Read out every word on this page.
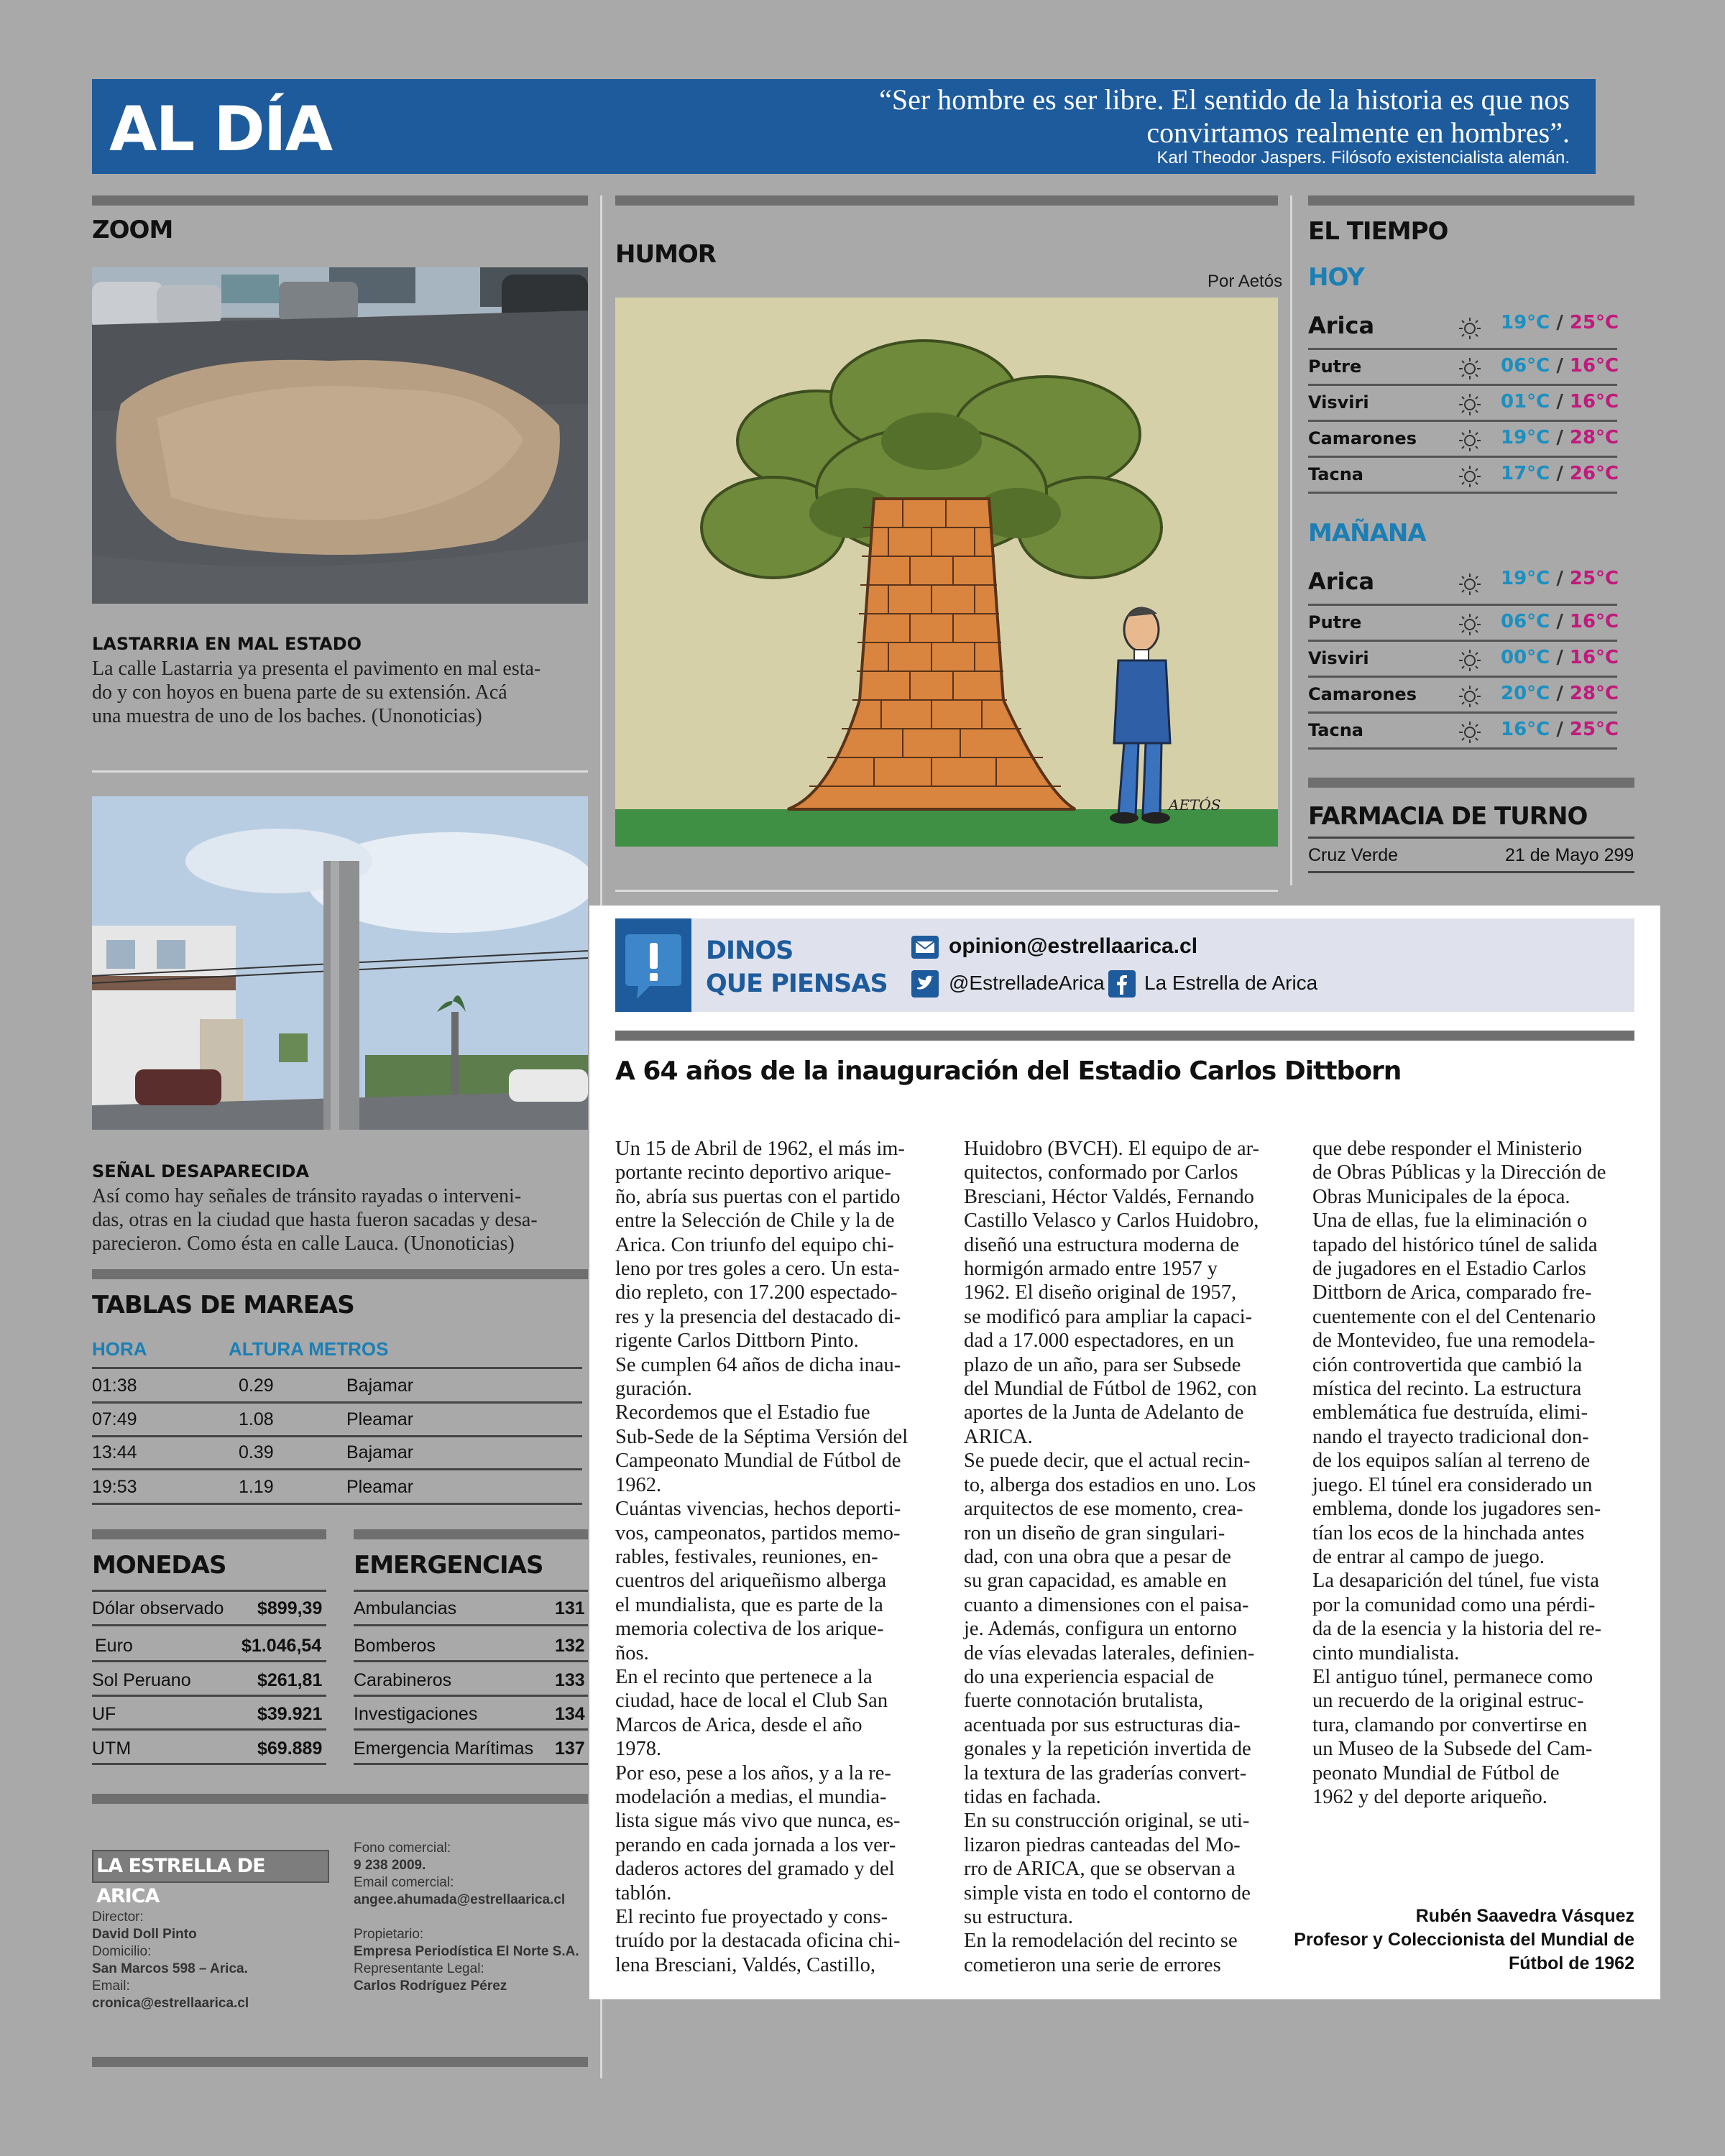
AL DÍA	“Ser hombre es ser libre. El sentido de la historia es que nos
convirtamos realmente en hombres”.
Karl Theodor Jaspers. Filósofo existencialista alemán.
ZOOM
LASTARRIA EN MAL ESTADO
La calle Lastarria ya presenta el pavimento en mal esta-
do y con hoyos en buena parte de su extensión. Acá
una muestra de uno de los baches. (Unonoticias)
SEÑAL DESAPARECIDA
Así como hay señales de tránsito rayadas o interveni-
das, otras en la ciudad que hasta fueron sacadas y desa-
parecieron. Como ésta en calle Lauca. (Unonoticias)
TABLAS DE MAREAS
HORA	ALTURA METROS
01:38	0.29	Bajamar
07:49	1.08	Pleamar
13:44	0.39	Bajamar
19:53	1.19	Pleamar
MONEDAS
Dólar observado $899,39
Euro	$1.046,54
Sol Peruano	$261,81
UF	$39.921
UTM	$69.889
EMERGENCIAS
Ambulancias	131
Bomberos	132
Carabineros	133
Investigaciones	134
Emergencia Marítimas 137
LA ESTRELLA DE ARICA
Director:
David Doll Pinto
Domicilio:
San Marcos 598 – Arica.
Email:
cronica@estrellaarica.cl
Fono comercial:
9 238 2009.
Email comercial:
angee.ahumada@estrellaarica.cl
Propietario:
Empresa Periodística El Norte S.A.
Representante Legal:
Carlos Rodríguez Pérez
HUMOR
Por Aetós
AETÓS
EL TIEMPO
HOY
Arica	19°C / 25°C
Putre	06°C / 16°C
Visviri	01°C / 16°C
Camarones	19°C / 28°C
Tacna	17°C / 26°C
MAÑANA
Arica	19°C / 25°C
Putre	06°C / 16°C
Visviri	00°C / 16°C
Camarones	20°C / 28°C
Tacna	16°C / 25°C
FARMACIA DE TURNO
Cruz Verde	21 de Mayo 299
DINOS
QUE PIENSAS
opinion@estrellaarica.cl
@EstrelladeArica La Estrella de Arica
A 64 años de la inauguración del Estadio Carlos Dittborn
Un 15 de Abril de 1962, el más im-
portante recinto deportivo arique-
ño, abría sus puertas con el partido
entre la Selección de Chile y la de
Arica. Con triunfo del equipo chi-
leno por tres goles a cero. Un esta-
dio repleto, con 17.200 espectado-
res y la presencia del destacado di-
rigente Carlos Dittborn Pinto.
Se cumplen 64 años de dicha inau-
guración.
Recordemos que el Estadio fue
Sub-Sede de la Séptima Versión del
Campeonato Mundial de Fútbol de
1962.
Cuántas vivencias, hechos deporti-
vos, campeonatos, partidos memo-
rables, festivales, reuniones, en-
cuentros del ariqueñismo alberga
el mundialista, que es parte de la
memoria colectiva de los arique-
ños.
En el recinto que pertenece a la
ciudad, hace de local el Club San
Marcos de Arica, desde el año
1978.
Por eso, pese a los años, y a la re-
modelación a medias, el mundia-
lista sigue más vivo que nunca, es-
perando en cada jornada a los ver-
daderos actores del gramado y del
tablón.
El recinto fue proyectado y cons-
truído por la destacada oficina chi-
lena Bresciani, Valdés, Castillo,
Huidobro (BVCH). El equipo de ar-
quitectos, conformado por Carlos
Bresciani, Héctor Valdés, Fernando
Castillo Velasco y Carlos Huidobro,
diseñó una estructura moderna de
hormigón armado entre 1957 y
1962. El diseño original de 1957,
se modificó para ampliar la capaci-
dad a 17.000 espectadores, en un
plazo de un año, para ser Subsede
del Mundial de Fútbol de 1962, con
aportes de la Junta de Adelanto de
ARICA.
Se puede decir, que el actual recin-
to, alberga dos estadios en uno. Los
arquitectos de ese momento, crea-
ron un diseño de gran singulari-
dad, con una obra que a pesar de
su gran capacidad, es amable en
cuanto a dimensiones con el paisa-
je. Además, configura un entorno
de vías elevadas laterales, definien-
do una experiencia espacial de
fuerte connotación brutalista,
acentuada por sus estructuras dia-
gonales y la repetición invertida de
la textura de las graderías convert-
tidas en fachada.
En su construcción original, se uti-
lizaron piedras canteadas del Mo-
rro de ARICA, que se observan a
simple vista en todo el contorno de
su estructura.
En la remodelación del recinto se
cometieron una serie de errores
que debe responder el Ministerio
de Obras Públicas y la Dirección de
Obras Municipales de la época.
Una de ellas, fue la eliminación o
tapado del histórico túnel de salida
de jugadores en el Estadio Carlos
Dittborn de Arica, comparado fre-
cuentemente con el del Centenario
de Montevideo, fue una remodela-
ción controvertida que cambió la
mística del recinto. La estructura
emblemática fue destruída, elimi-
nando el trayecto tradicional don-
de los equipos salían al terreno de
juego. El túnel era considerado un
emblema, donde los jugadores sen-
tían los ecos de la hinchada antes
de entrar al campo de juego.
La desaparición del túnel, fue vista
por la comunidad como una pérdi-
da de la esencia y la historia del re-
cinto mundialista.
El antiguo túnel, permanece como
un recuerdo de la original estruc-
tura, clamando por convertirse en
un Museo de la Subsede del Cam-
peonato Mundial de Fútbol de
1962 y del deporte ariqueño.
Rubén Saavedra Vásquez
Profesor y Coleccionista del Mundial de
Fútbol de 1962
